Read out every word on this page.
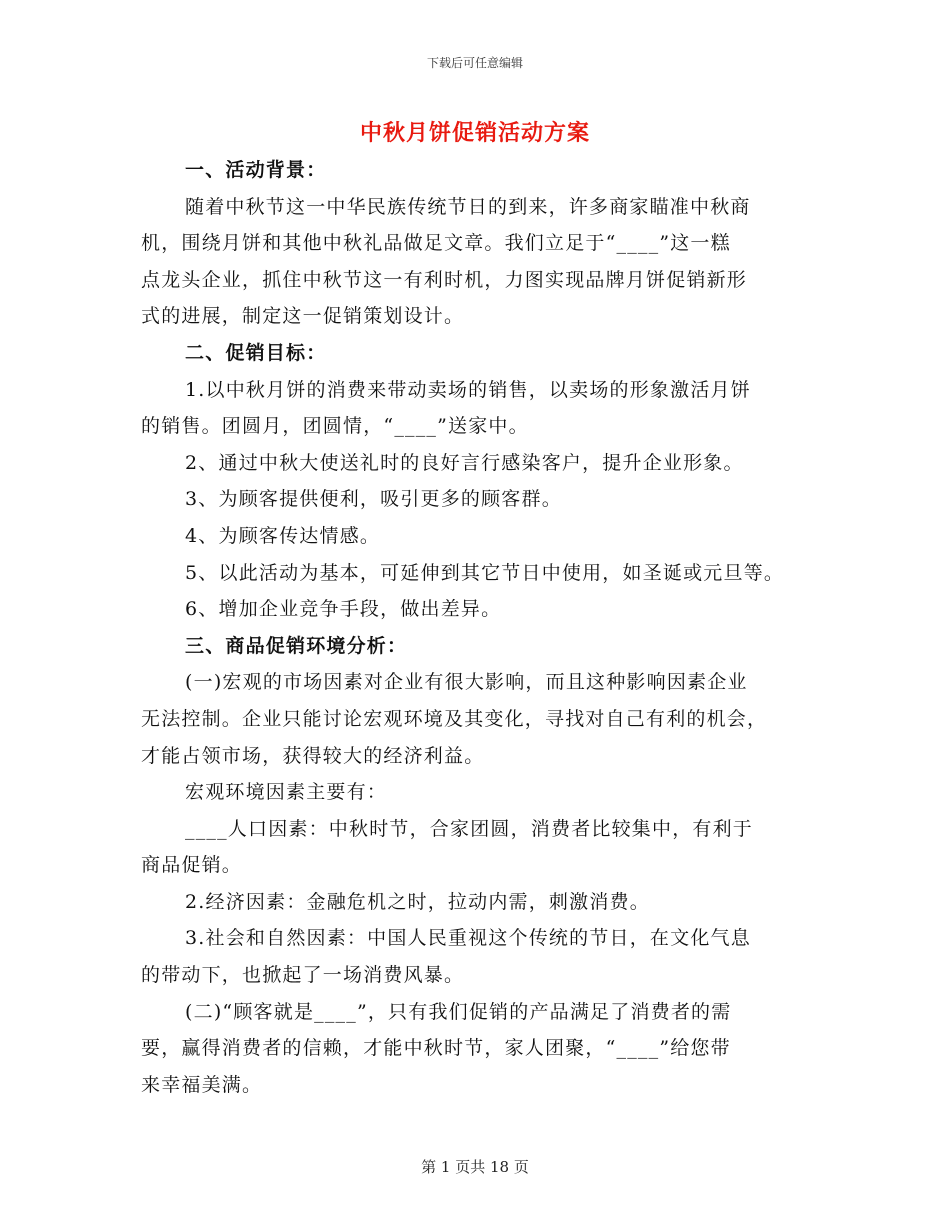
下载后可任意编辑
中秋月饼促销活动方案
一、活动背景：
随着中秋节这一中华民族传统节日的到来，许多商家瞄准中秋商
机，围绕月饼和其他中秋礼品做足文章。我们立足于“____”这一糕
点龙头企业，抓住中秋节这一有利时机，力图实现品牌月饼促销新形
式的进展，制定这一促销策划设计。
二、促销目标：
1.以中秋月饼的消费来带动卖场的销售，以卖场的形象激活月饼
的销售。团圆月，团圆情，“____”送家中。
2、通过中秋大使送礼时的良好言行感染客户，提升企业形象。
3、为顾客提供便利，吸引更多的顾客群。
4、为顾客传达情感。
5、以此活动为基本，可延伸到其它节日中使用，如圣诞或元旦等。
6、增加企业竞争手段，做出差异。
三、商品促销环境分析：
(一)宏观的市场因素对企业有很大影响，而且这种影响因素企业
无法控制。企业只能讨论宏观环境及其变化，寻找对自己有利的机会，
才能占领市场，获得较大的经济利益。
宏观环境因素主要有：
____人口因素：中秋时节，合家团圆，消费者比较集中，有利于
商品促销。
2.经济因素：金融危机之时，拉动内需，刺激消费。
3.社会和自然因素：中国人民重视这个传统的节日，在文化气息
的带动下，也掀起了一场消费风暴。
(二)“顾客就是____”，只有我们促销的产品满足了消费者的需
要，赢得消费者的信赖，才能中秋时节，家人团聚，“____”给您带
来幸福美满。
第 1 页共 18 页
